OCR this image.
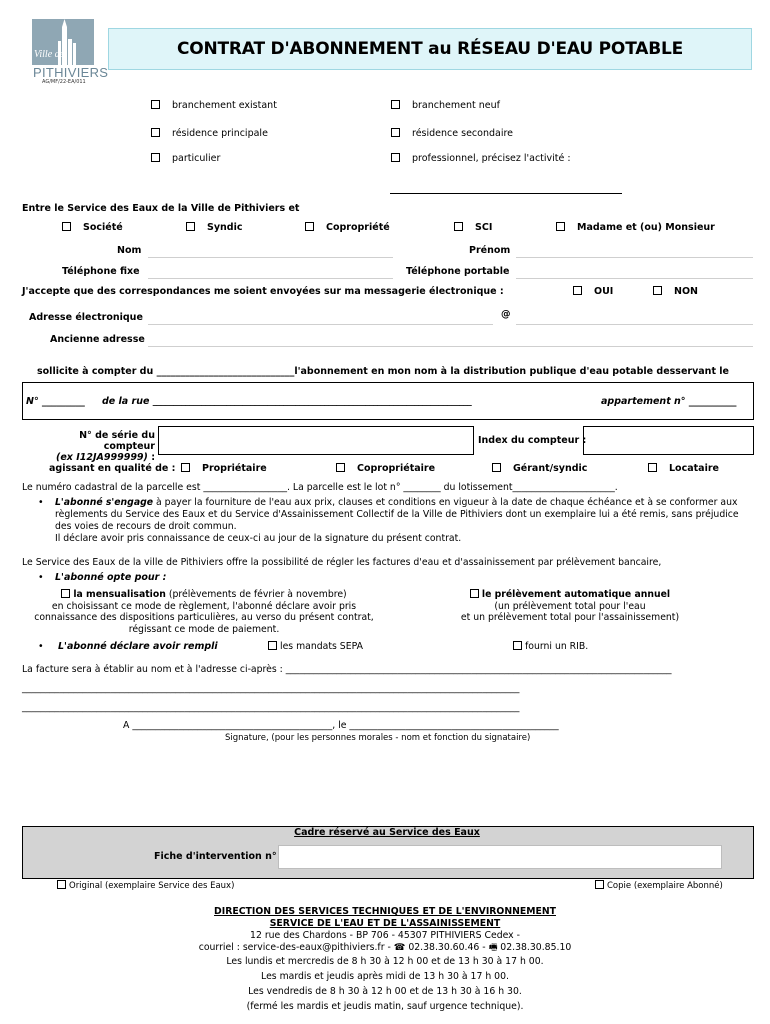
Ville de
PITHIVIERS
AG/MF/22-EA/011
CONTRAT D'ABONNEMENT au RÉSEAU D'EAU POTABLE
branchement existant	branchement neuf
résidence principale	résidence secondaire
particulier	professionnel, précisez l'activité :
Entre le Service des Eaux de la Ville de Pithiviers et
Société	Syndic	Copropriété	SCI	Madame et (ou) Monsieur
Nom	Prénom
Téléphone fixe	Téléphone portable
J'accepte que des correspondances me soient envoyées sur ma messagerie électronique :	OUI	NON
Adresse électronique	@
Ancienne adresse
sollicite à compter du _____________________________l'abonnement en mon nom à la distribution publique d'eau potable desservant le
N° _________ de la rue ______________________________________________________________________________	appartement n° __________
N° de série du compteur
(ex I12JA999999) :
Index du compteur :
agissant en qualité de :	Propriétaire	Copropriétaire	Gérant/syndic	Locataire
Le numéro cadastral de la parcelle est __________________. La parcelle est le lot n° ________ du lotissement______________________.
• L'abonné s'engage à payer la fourniture de l'eau aux prix, clauses et conditions en vigueur à la date de chaque échéance et à se conformer aux règlements du Service des Eaux et du Service d'Assainissement Collectif de la Ville de Pithiviers dont un exemplaire lui a été remis, sans préjudice des voies de recours de droit commun.
Il déclare avoir pris connaissance de ceux-ci au jour de la signature du présent contrat.
Le Service des Eaux de la ville de Pithiviers offre la possibilité de régler les factures d'eau et d'assainissement par prélèvement bancaire,
• L'abonné opte pour :
la mensualisation (prélèvements de février à novembre)
en choisissant ce mode de règlement, l'abonné déclare avoir pris
connaissance des dispositions particulières, au verso du présent contrat,
régissant ce mode de paiement.
le prélèvement automatique annuel
(un prélèvement total pour l'eau
et un prélèvement total pour l'assainissement)
• L'abonné déclare avoir rempli	les mandats SEPA	fourni un RIB.
La facture sera à établir au nom et à l'adresse ci-après : ___________________________________________________________________________________
___________________________________________________________________________________________________________
___________________________________________________________________________________________________________
A ___________________________________________, le _____________________________________________
Signature, (pour les personnes morales - nom et fonction du signataire)
Cadre réservé au Service des Eaux
Fiche d'intervention n°
Original (exemplaire Service des Eaux)	Copie (exemplaire Abonné)
DIRECTION DES SERVICES TECHNIQUES ET DE L'ENVIRONNEMENT
SERVICE DE L'EAU ET DE L'ASSAINISSEMENT
12 rue des Chardons - BP 706 - 45307 PITHIVIERS Cedex -
courriel : service-des-eaux@pithiviers.fr - ☎ 02.38.30.60.46 - 🖷 02.38.30.85.10
Les lundis et mercredis de 8 h 30 à 12 h 00 et de 13 h 30 à 17 h 00.
Les mardis et jeudis après midi de 13 h 30 à 17 h 00.
Les vendredis de 8 h 30 à 12 h 00 et de 13 h 30 à 16 h 30.
(fermé les mardis et jeudis matin, sauf urgence technique).
